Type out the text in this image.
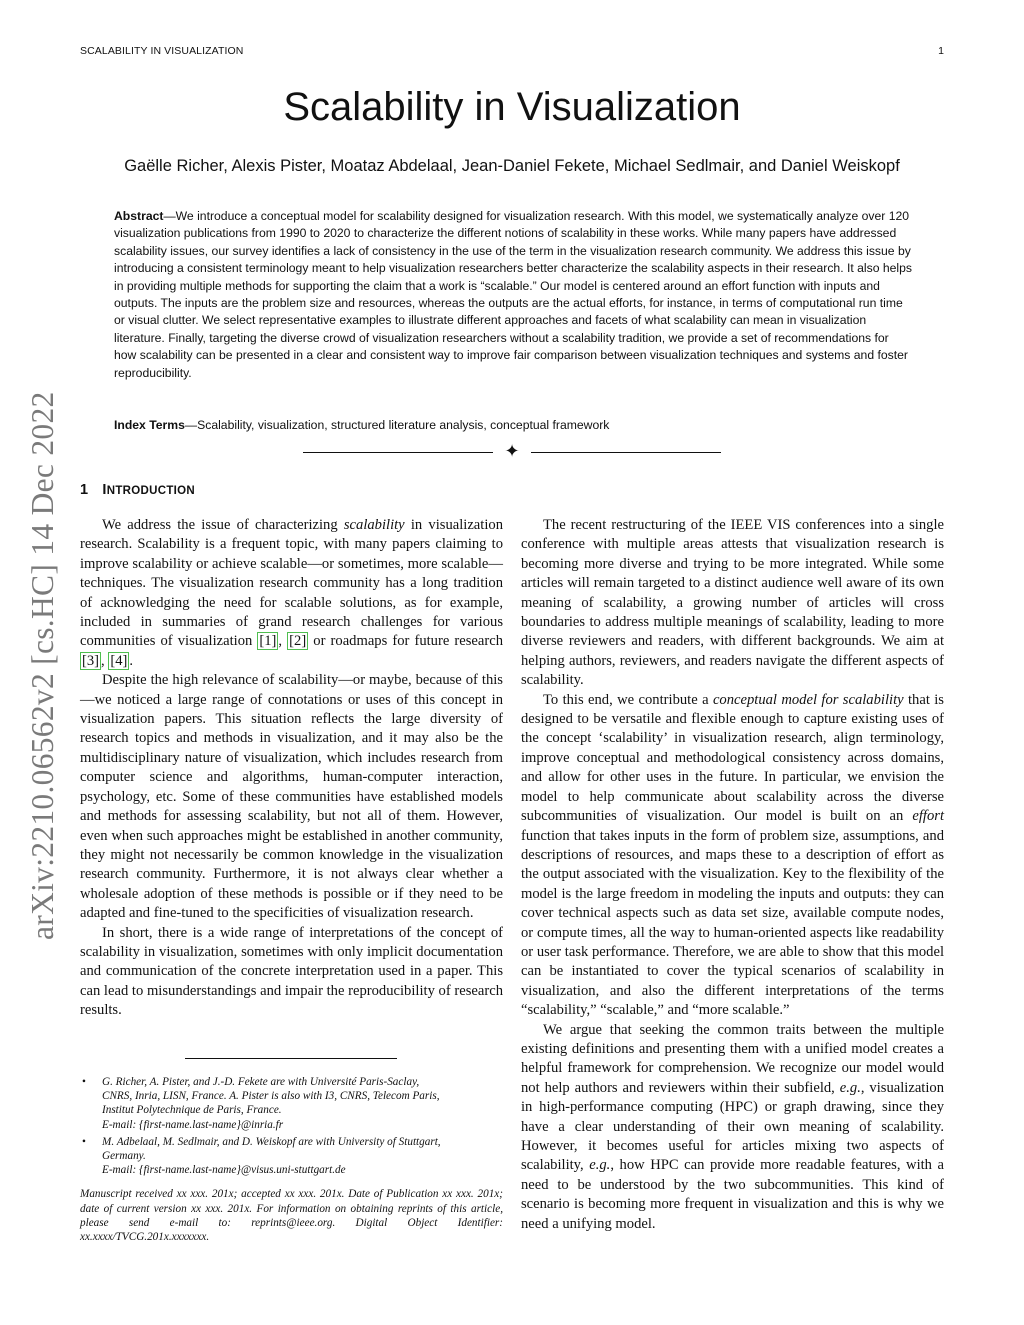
SCALABILITY IN VISUALIZATION	1
Scalability in Visualization
Gaëlle Richer, Alexis Pister, Moataz Abdelaal, Jean-Daniel Fekete, Michael Sedlmair, and Daniel Weiskopf
Abstract—We introduce a conceptual model for scalability designed for visualization research. With this model, we systematically analyze over 120 visualization publications from 1990 to 2020 to characterize the different notions of scalability in these works. While many papers have addressed scalability issues, our survey identifies a lack of consistency in the use of the term in the visualization research community. We address this issue by introducing a consistent terminology meant to help visualization researchers better characterize the scalability aspects in their research. It also helps in providing multiple methods for supporting the claim that a work is “scalable.” Our model is centered around an effort function with inputs and outputs. The inputs are the problem size and resources, whereas the outputs are the actual efforts, for instance, in terms of computational run time or visual clutter. We select representative examples to illustrate different approaches and facets of what scalability can mean in visualization literature. Finally, targeting the diverse crowd of visualization researchers without a scalability tradition, we provide a set of recommendations for how scalability can be presented in a clear and consistent way to improve fair comparison between visualization techniques and systems and foster reproducibility.
Index Terms—Scalability, visualization, structured literature analysis, conceptual framework
✦
1 INTRODUCTION

We address the issue of characterizing scalability in visualization research. Scalability is a frequent topic, with many papers claiming to improve scalability or achieve scalable—or sometimes, more scalable—techniques. The visualization research community has a long tradition of acknowledging the need for scalable solutions, as for example, included in summaries of grand research challenges for various communities of visualization [1] , [2] or roadmaps for future research [3] , [4] .

Despite the high relevance of scalability—or maybe, because of this—we noticed a large range of connotations or uses of this concept in visualization papers. This situation reflects the large diversity of research topics and methods in visualization, and it may also be the multidisciplinary nature of visualization, which includes research from computer science and algorithms, human-computer interaction, psychology, etc. Some of these communities have established models and methods for assessing scalability, but not all of them. However, even when such approaches might be established in another community, they might not necessarily be common knowledge in the visualization research community. Furthermore, it is not always clear whether a wholesale adoption of these methods is possible or if they need to be adapted and fine-tuned to the specificities of visualization research.

In short, there is a wide range of interpretations of the concept of scalability in visualization, sometimes with only implicit documentation and communication of the concrete interpretation used in a paper. This can lead to misunderstandings and impair the reproducibility of research results.

• G. Richer, A. Pister, and J.-D. Fekete are with Université Paris-Saclay,
CNRS, Inria, LISN, France. A. Pister is also with I3, CNRS, Telecom Paris,
Institut Polytechnique de Paris, France.
E-mail: {first-name.last-name}@inria.fr
• M. Adbelaal, M. Sedlmair, and D. Weiskopf are with University of Stuttgart,
Germany.
E-mail: {first-name.last-name}@visus.uni-stuttgart.de
Manuscript received xx xxx. 201x; accepted xx xxx. 201x. Date of Publication xx xxx. 201x; date of current version xx xxx. 201x. For information on obtaining reprints of this article, please send e-mail to: reprints@ieee.org. Digital Object Identifier: xx.xxxx/TVCG.201x.xxxxxxx.

The recent restructuring of the IEEE VIS conferences into a single conference with multiple areas attests that visualization research is becoming more diverse and trying to be more integrated. While some articles will remain targeted to a distinct audience well aware of its own meaning of scalability, a growing number of articles will cross boundaries to address multiple meanings of scalability, leading to more diverse reviewers and readers, with different backgrounds. We aim at helping authors, reviewers, and readers navigate the different aspects of scalability.

To this end, we contribute a conceptual model for scalability that is designed to be versatile and flexible enough to capture existing uses of the concept ‘scalability’ in visualization research, align terminology, improve conceptual and methodological consistency across domains, and allow for other uses in the future. In particular, we envision the model to help communicate about scalability across the diverse subcommunities of visualization. Our model is built on an effort function that takes inputs in the form of problem size, assumptions, and descriptions of resources, and maps these to a description of effort as the output associated with the visualization. Key to the flexibility of the model is the large freedom in modeling the inputs and outputs: they can cover technical aspects such as data set size, available compute nodes, or compute times, all the way to human-oriented aspects like readability or user task performance. Therefore, we are able to show that this model can be instantiated to cover the typical scenarios of scalability in visualization, and also the different interpretations of the terms “scalability,” “scalable,” and “more scalable.”

We argue that seeking the common traits between the multiple existing definitions and presenting them with a unified model creates a helpful framework for comprehension. We recognize our model would not help authors and reviewers within their subfield, e.g., visualization in high-performance computing (HPC) or graph drawing, since they have a clear understanding of their own meaning of scalability. However, it becomes useful for articles mixing two aspects of scalability, e.g., how HPC can provide more readable features, with a need to be understood by the two subcommunities. This kind of scenario is becoming more frequent in visualization and this is why we need a unifying model.

arXiv:2210.06562v2 [cs.HC] 14 Dec 2022
